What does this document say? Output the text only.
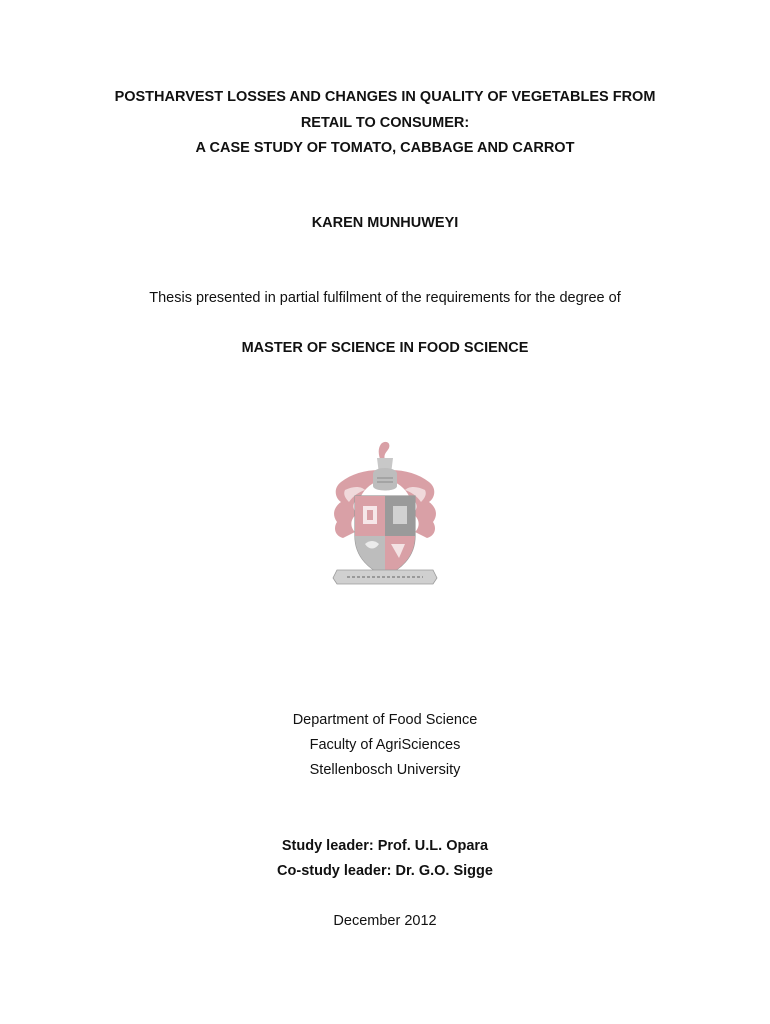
POSTHARVEST LOSSES AND CHANGES IN QUALITY OF VEGETABLES FROM
RETAIL TO CONSUMER:
A CASE STUDY OF TOMATO, CABBAGE AND CARROT
KAREN MUNHUWEYI
Thesis presented in partial fulfilment of the requirements for the degree of
MASTER OF SCIENCE IN FOOD SCIENCE
Department of Food Science
Faculty of AgriSciences
Stellenbosch University
Study leader: Prof. U.L. Opara
Co-study leader: Dr. G.O. Sigge
December 2012
